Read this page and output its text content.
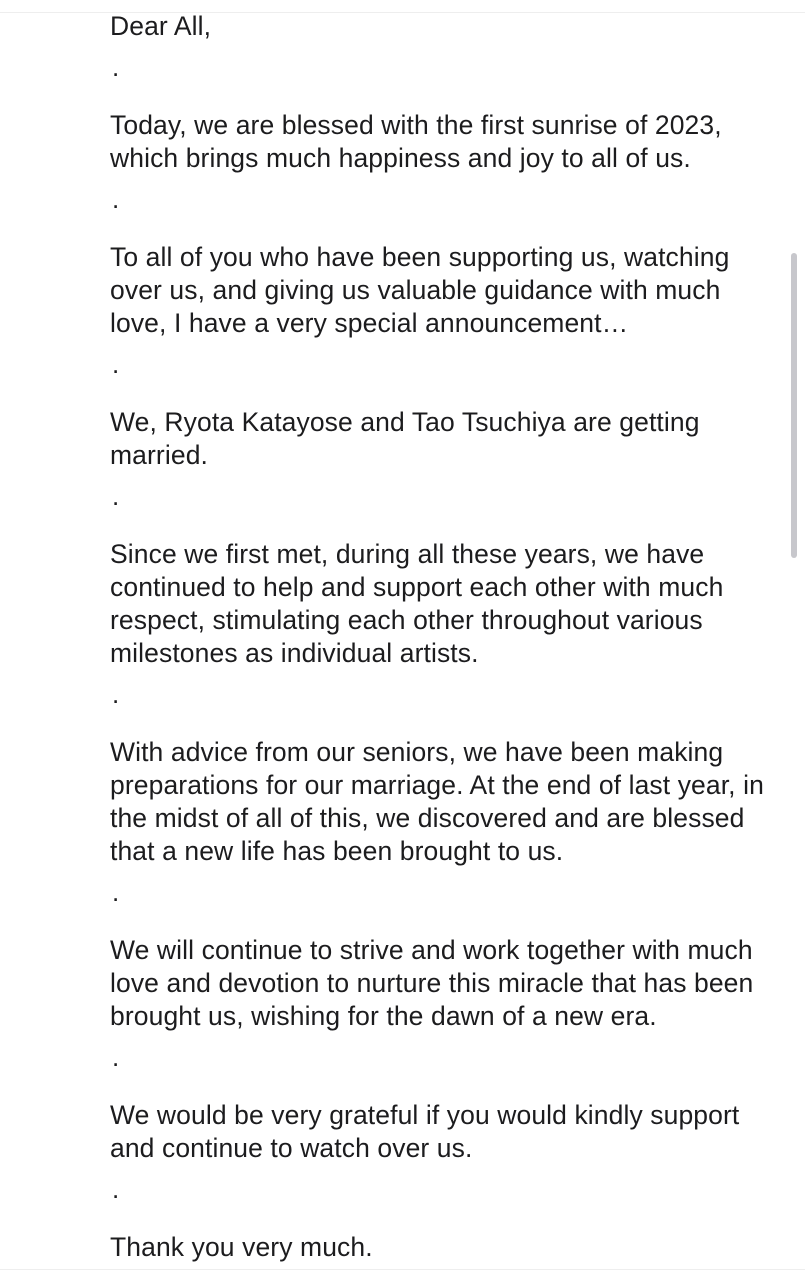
Dear All,

.

Today, we are blessed with the first sunrise of 2023, which brings much happiness and joy to all of us.

.

To all of you who have been supporting us, watching over us, and giving us valuable guidance with much love, I have a very special announcement…

.

We, Ryota Katayose and Tao Tsuchiya are getting married.

.

Since we first met, during all these years, we have continued to help and support each other with much respect, stimulating each other throughout various milestones as individual artists.

.

With advice from our seniors, we have been making preparations for our marriage. At the end of last year, in the midst of all of this, we discovered and are blessed that a new life has been brought to us.

.

We will continue to strive and work together with much love and devotion to nurture this miracle that has been brought us, wishing for the dawn of a new era.

.

We would be very grateful if you would kindly support and continue to watch over us.

.

Thank you very much.
